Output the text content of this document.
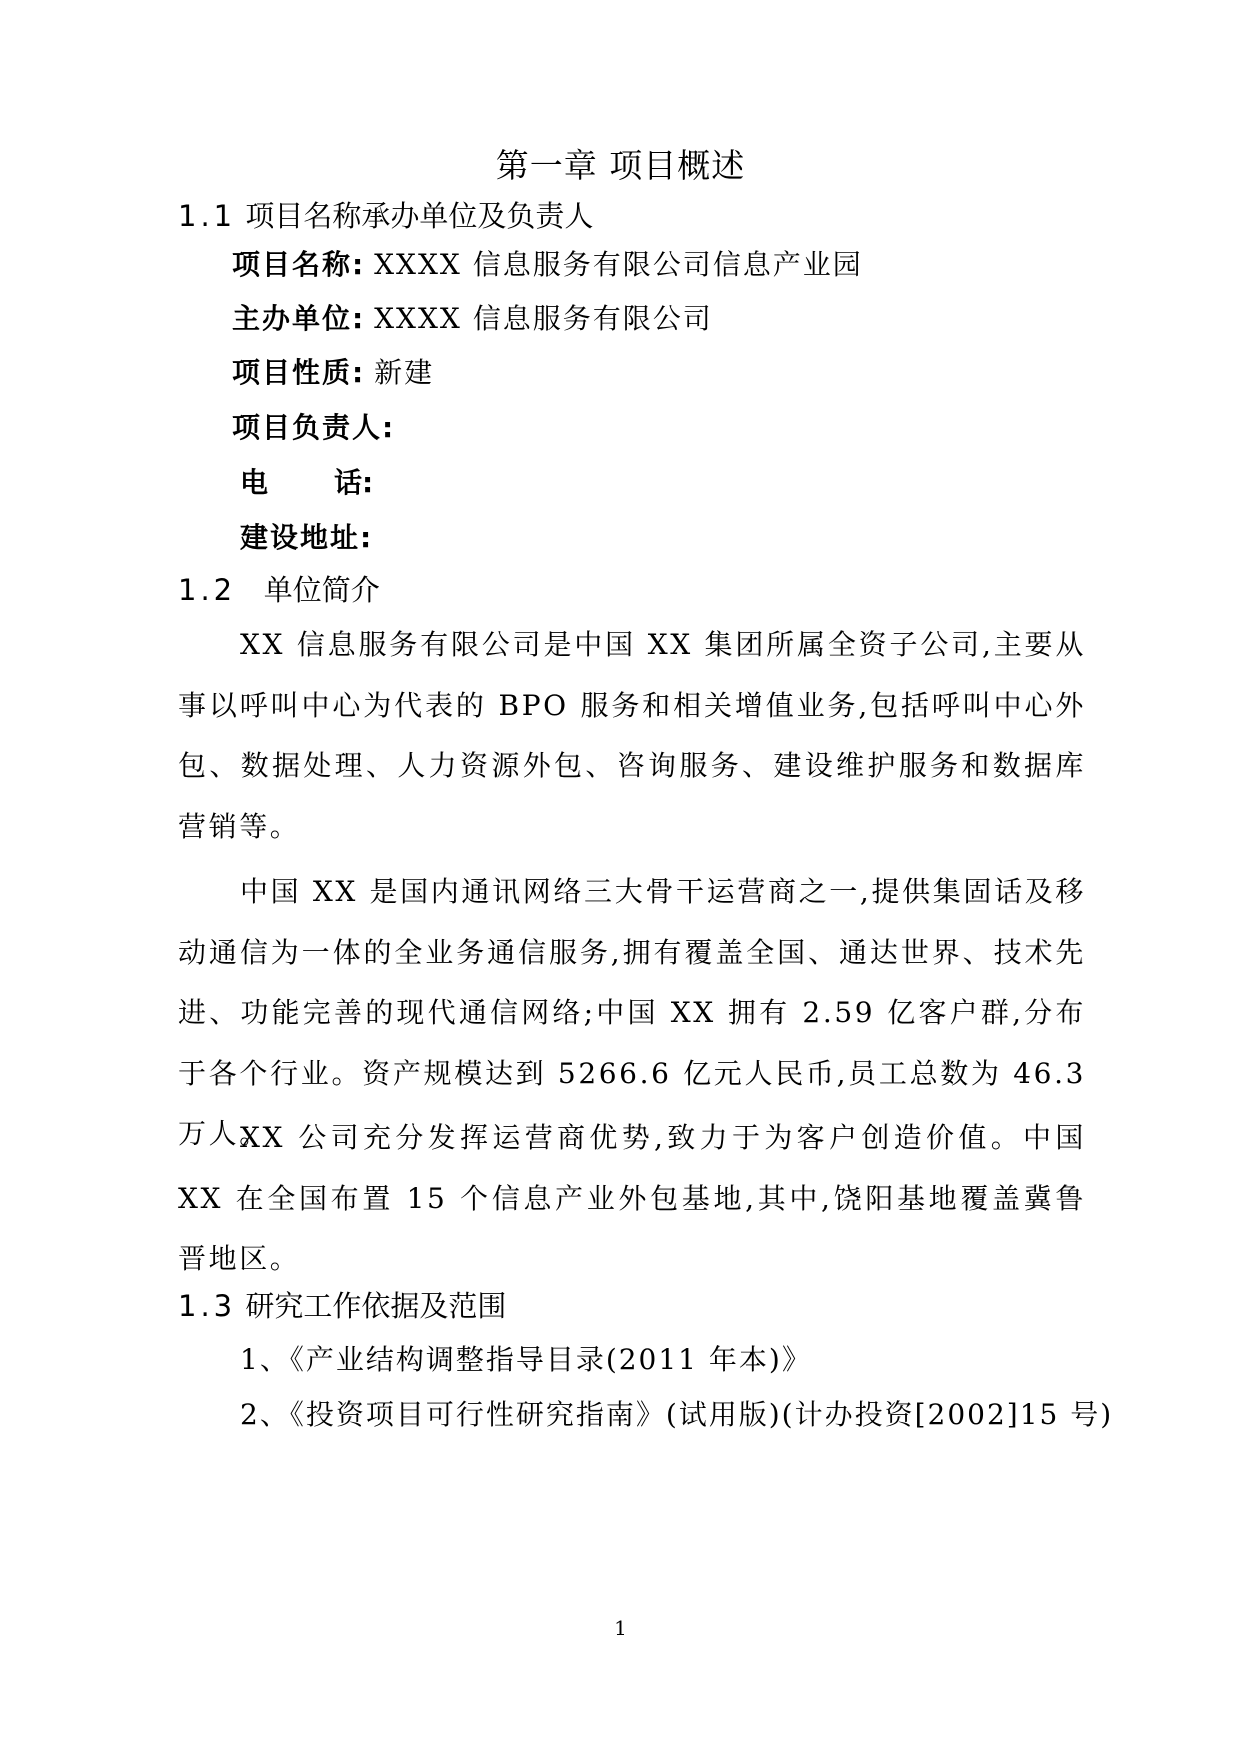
第一章 项目概述
1.1 项目名称承办单位及负责人
项目名称: XXXX 信息服务有限公司信息产业园
主办单位: XXXX 信息服务有限公司
项目性质: 新建
项目负责人:
电 话:
建设地址:
1.2 单位简介

XX 信息服务有限公司是中国 XX 集团所属全资子公司,主要从事以呼叫中心为代表的 BPO 服务和相关增值业务,包括呼叫中心外包、数据处理、人力资源外包、咨询服务、建设维护服务和数据库营销等。

中国 XX 是国内通讯网络三大骨干运营商之一,提供集固话及移动通信为一体的全业务通信服务,拥有覆盖全国、通达世界、技术先进、功能完善的现代通信网络;中国 XX 拥有 2.59 亿客户群,分布于各个行业。资产规模达到 5266.6 亿元人民币,员工总数为 46.3 万人。

XX 公司充分发挥运营商优势,致力于为客户创造价值。中国 XX 在全国布置 15 个信息产业外包基地,其中,饶阳基地覆盖冀鲁晋地区。

1.3 研究工作依据及范围
1、《产业结构调整指导目录(2011 年本)》
2、《投资项目可行性研究指南》(试用版)(计办投资[2002]15 号)
1
